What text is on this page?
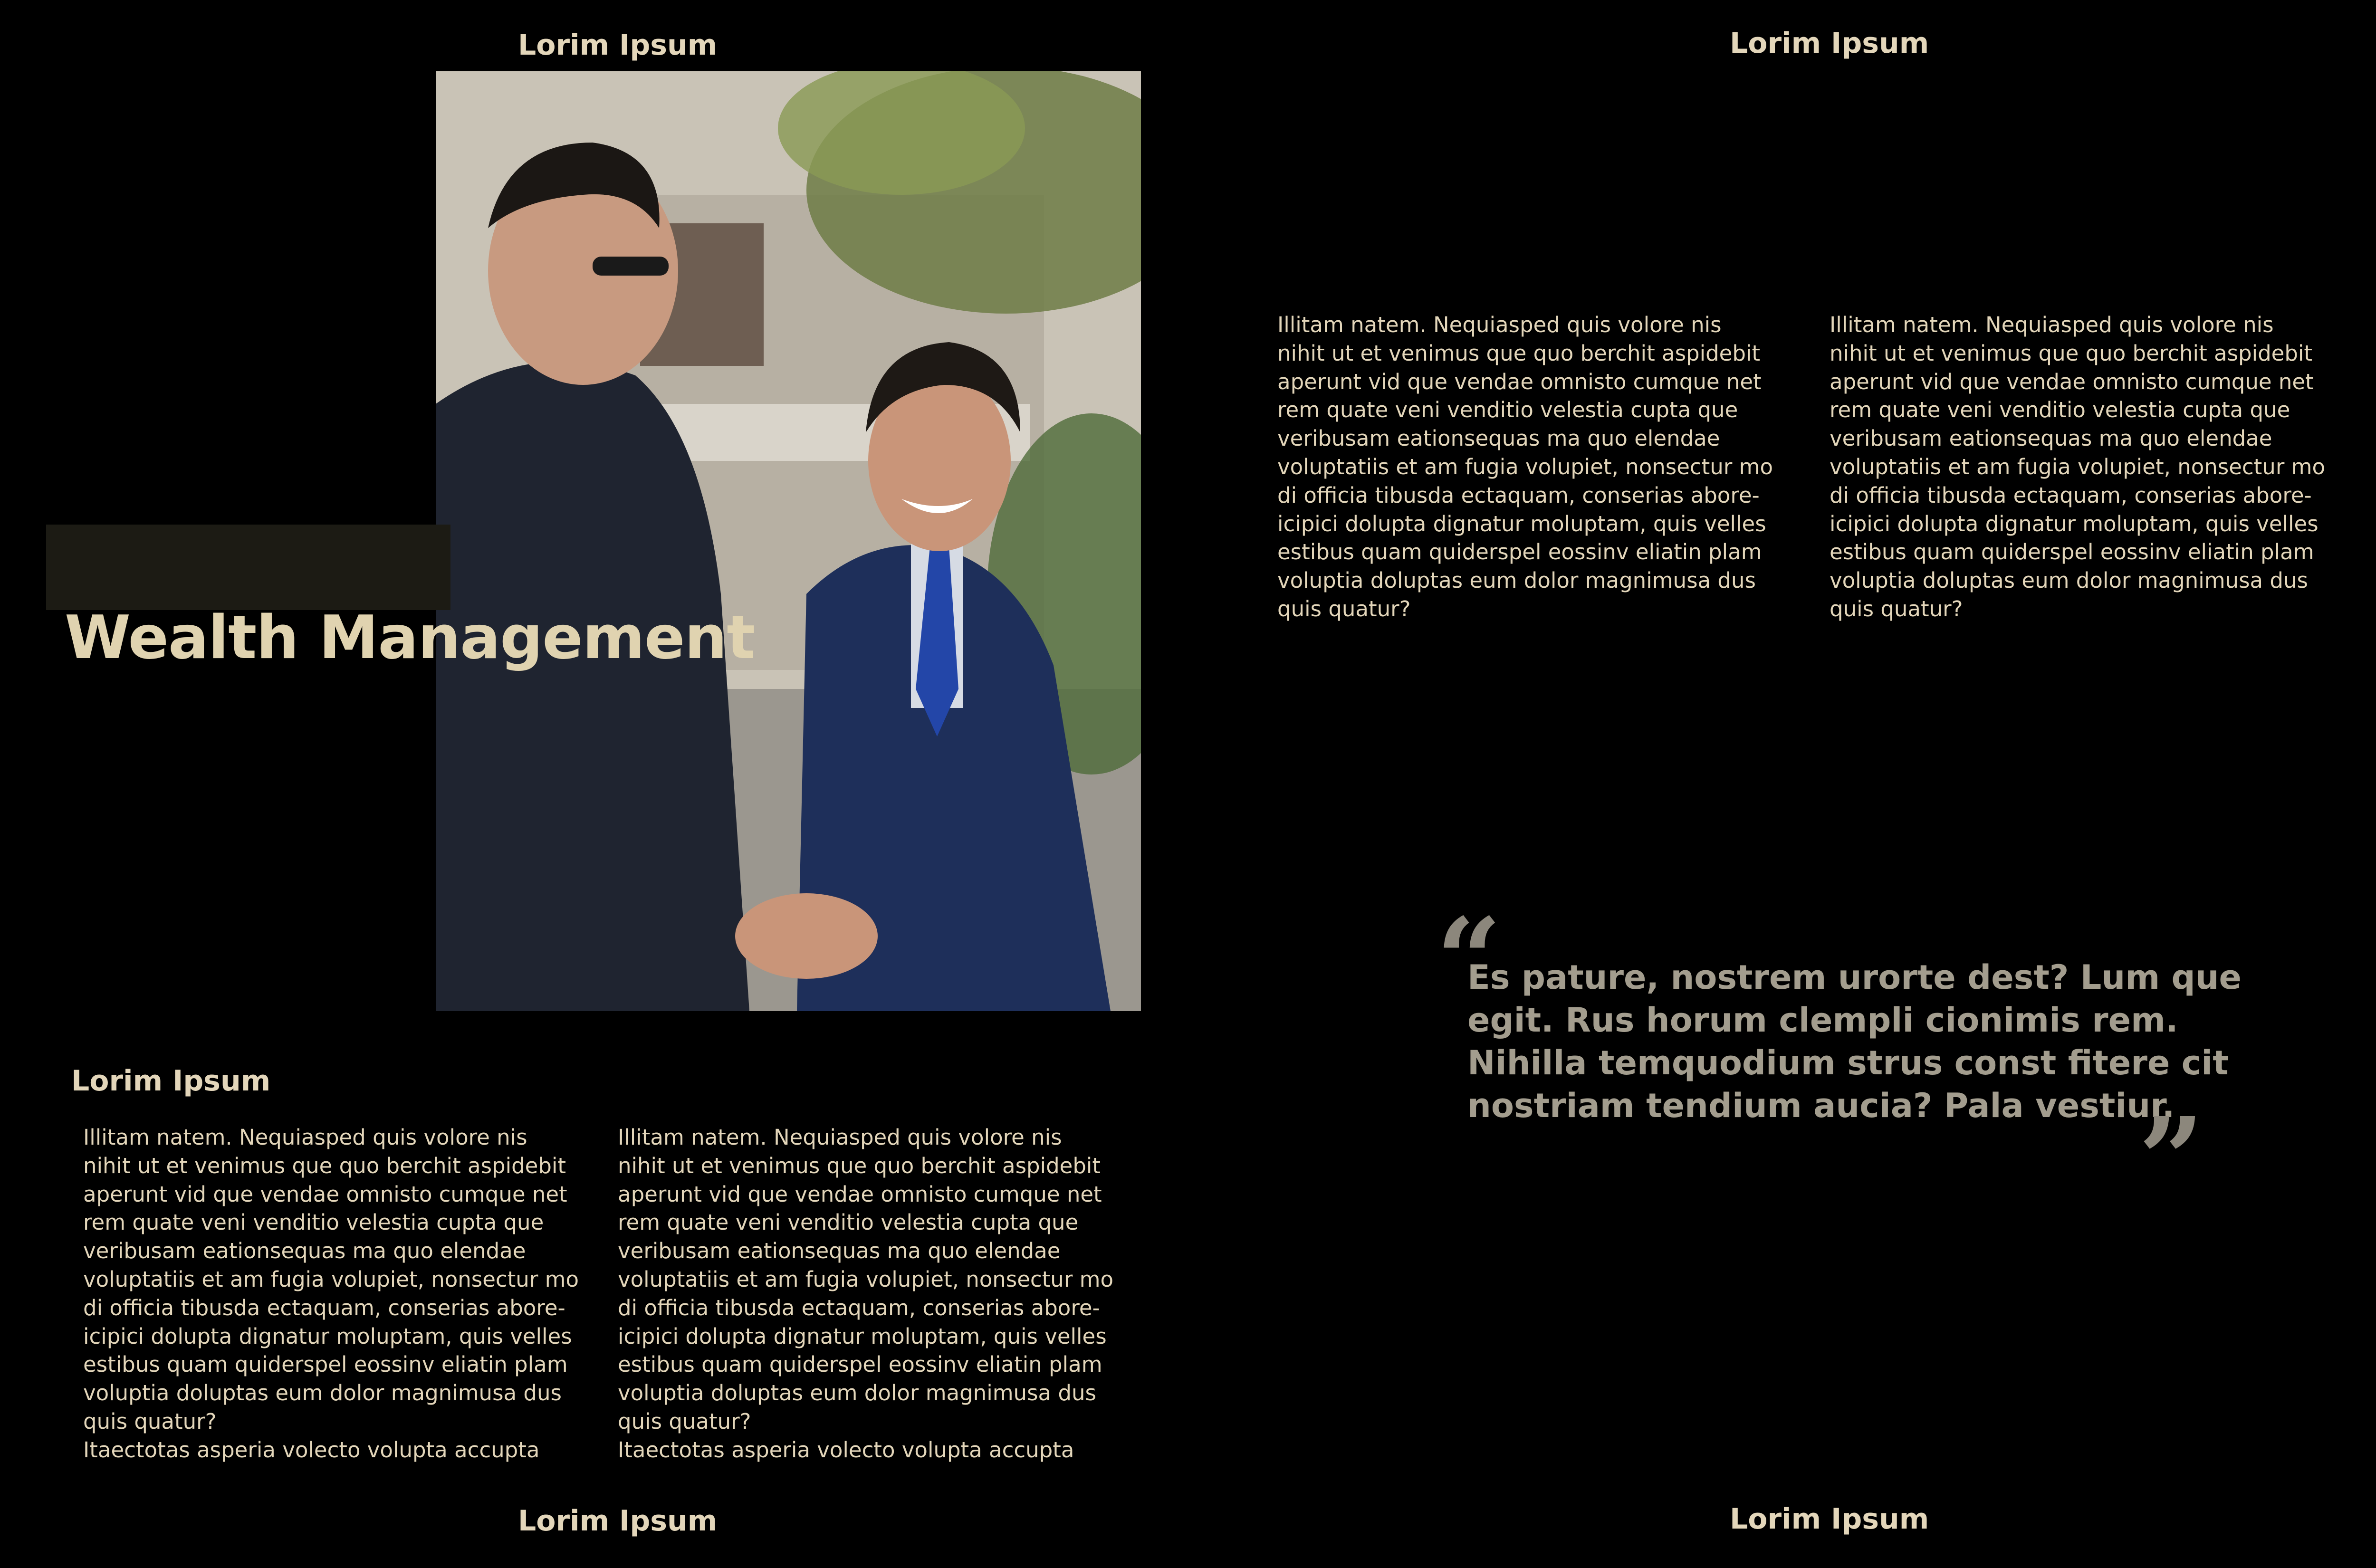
Lorim Ipsum	Lorim Ipsum
Lorim Ipsum	Lorim Ipsum
Wealth Management
Lorim Ipsum
Illitam natem. Nequiasped quis volore nis
nihit ut et venimus que quo berchit aspidebit
aperunt vid que vendae omnisto cumque net
rem quate veni venditio velestia cupta que
veribusam eationsequas ma quo elendae
voluptatiis et am fugia volupiet, nonsectur mo
di officia tibusda ectaquam, conserias abore-
icipici dolupta dignatur moluptam, quis velles
estibus quam quiderspel eossinv eliatin plam
voluptia doluptas eum dolor magnimusa dus
quis quatur?
Itaectotas asperia volecto volupta accupta
Illitam natem. Nequiasped quis volore nis
nihit ut et venimus que quo berchit aspidebit
aperunt vid que vendae omnisto cumque net
rem quate veni venditio velestia cupta que
veribusam eationsequas ma quo elendae
voluptatiis et am fugia volupiet, nonsectur mo
di officia tibusda ectaquam, conserias abore-
icipici dolupta dignatur moluptam, quis velles
estibus quam quiderspel eossinv eliatin plam
voluptia doluptas eum dolor magnimusa dus
quis quatur?
Itaectotas asperia volecto volupta accupta
Illitam natem. Nequiasped quis volore nis
nihit ut et venimus que quo berchit aspidebit
aperunt vid que vendae omnisto cumque net
rem quate veni venditio velestia cupta que
veribusam eationsequas ma quo elendae
voluptatiis et am fugia volupiet, nonsectur mo
di officia tibusda ectaquam, conserias abore-
icipici dolupta dignatur moluptam, quis velles
estibus quam quiderspel eossinv eliatin plam
voluptia doluptas eum dolor magnimusa dus
quis quatur?
Illitam natem. Nequiasped quis volore nis
nihit ut et venimus que quo berchit aspidebit
aperunt vid que vendae omnisto cumque net
rem quate veni venditio velestia cupta que
veribusam eationsequas ma quo elendae
voluptatiis et am fugia volupiet, nonsectur mo
di officia tibusda ectaquam, conserias abore-
icipici dolupta dignatur moluptam, quis velles
estibus quam quiderspel eossinv eliatin plam
voluptia doluptas eum dolor magnimusa dus
quis quatur?
“
Es pature, nostrem urorte dest? Lum que
egit. Rus horum clempli cionimis rem.
Nihilla temquodium strus const fitere cit
nostriam tendium aucia? Pala vestiur.
”
